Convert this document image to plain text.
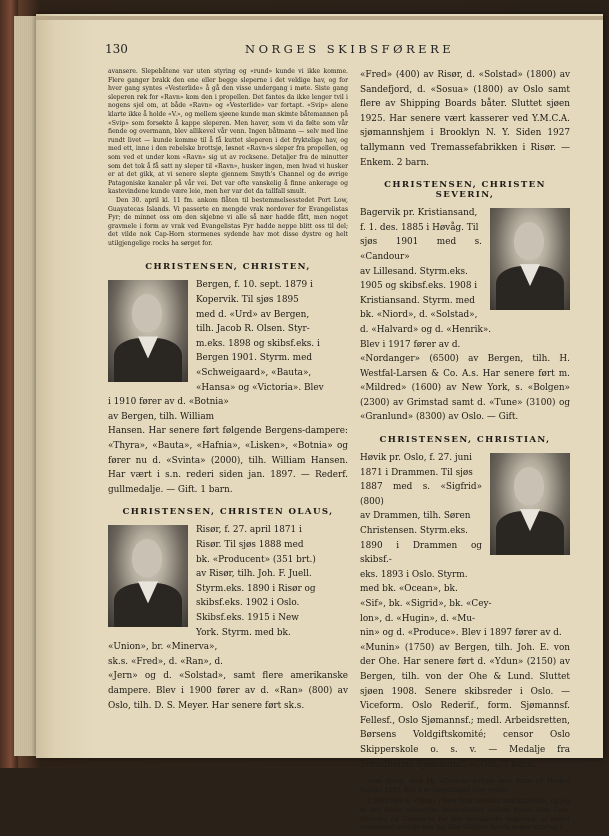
130	NORGES SKIBSFØRERE
avansere. Slepebåtene var uten styring og «rund» kunde vi ikke komme. Flere ganger brakk den ene eller begge sleperne i det veldige hav, og for hver gang syntes «Vesterlide» å gå den visse undergang i møte. Siste gang sleperen røk for «Ravn» kom den i propellen. Det fantes da ikke lenger tvil i nogens sjel om, at både «Ravn» og «Vesterlide» var fortapt. «Svip» alene klarte ikke å holde «V.», og mellem sjøene kunde man skimte båtemannen på «Svip» som forsøkte å kappe sleperen. Men haver, som vi da følte som vår fiende og overmann, blev allikevel vår venn. Ingen båtmann — selv med line rundt livet — kunde komme til å få kuttet sleperen i det fryktelige hav, og med ett, inne i den rebelske brottsjø, løsnet «Ravn»s sleper fra propellen, og som ved et under kom «Ravn» sig ut av rocksene. Detaljer fra de minutter som det tok å få satt ny sleper til «Ravn», husker ingen, men hvad vi husker er at det gikk, at vi senere slepte gjennem Smyth's Channel og de øvrige Patagoniske kanaler på vår vei. Det var ofte vanskelig å finne ankerage og kastevindene kunde være leie, men her var det da tallfall smult.
Den 30. april kl. 11 fm. ankom flåten til bestemmelsesstedet Port Low, Guayatecas Islands. Vi passerte en mengde vrak nordover for Evangelistas Fyr; de minnet oss om den skjebne vi alle så nær hadde fått, men noget gravmele i form av vrak ved Evangelistas Fyr hadde neppe blitt oss til del; det vilde nok Cap-Horn stormenes sydende hav mot disse dystre og helt utilgjengelige rocks ha sørget for.
CHRISTENSEN, CHRISTEN,
Bergen, f. 10. sept. 1879 i
Kopervik. Til sjøs 1895
med d. «Urd» av Bergen,
tilh. Jacob R. Olsen. Styr-
m.eks. 1898 og skibsf.eks. i
Bergen 1901. Styrm. med
«Schweigaard», «Bauta»,
«Hansa» og «Victoria». Blev
i 1910 fører av d. «Botnia»
av Bergen, tilh. William
Hansen. Har senere ført følgende Bergens-dampere: «Thyra», «Bauta», «Hafnia», «Lisken», «Botnia» og fører nu d. «Svinta» (2000), tilh. William Hansen. Har vært i s.n. rederi siden jan. 1897. — Rederf. gullmedalje. — Gift. 1 barn.
CHRISTENSEN, CHRISTEN OLAUS,
Risør, f. 27. april 1871 i
Risør. Til sjøs 1888 med
bk. «Producent» (351 brt.)
av Risør, tilh. Joh. F. Juell.
Styrm.eks. 1890 i Risør og
skibsf.eks. 1902 i Oslo.
Skibsf.eks. 1915 i New
York. Styrm. med bk.
«Union», br. «Minerva»,
sk.s. «Fred», d. «Ran», d.
«Jern» og d. «Solstad», samt flere amerikanske dampere. Blev i 1900 fører av d. «Ran» (800) av Oslo, tilh. D. S. Meyer. Har senere ført sk.s.
«Fred» (400) av Risør, d. «Solstad» (1800) av Sandefjord, d. «Sosua» (1800) av Oslo samt flere av Shipping Boards båter. Sluttet sjøen 1925. Har senere vært kasserer ved Y.M.C.A. sjømannshjem i Brooklyn N. Y. Siden 1927 tallymann ved Tremassefabrikken i Risør. — Enkem. 2 barn.
CHRISTENSEN, CHRISTEN SEVERIN,
Bagervik pr. Kristiansand,
f. 1. des. 1885 i Høvåg. Til
sjøs 1901 med s. «Candour»
av Lillesand. Styrm.eks.
1905 og skibsf.eks. 1908 i
Kristiansand. Styrm. med
bk. «Niord», d. «Solstad»,
d. «Halvard» og d. «Henrik».
Blev i 1917 fører av d.
«Nordanger» (6500) av Bergen, tilh. H. Westfal-Larsen & Co. A.s. Har senere ført m. «Mildred» (1600) av New York, s. «Bolgen» (2300) av Grimstad samt d. «Tune» (3100) og «Granlund» (8300) av Oslo. — Gift.
CHRISTENSEN, CHRISTIAN,
Høvik pr. Oslo, f. 27. juni
1871 i Drammen. Til sjøs
1887 med s. «Sigfrid» (800)
av Drammen, tilh. Søren
Christensen. Styrm.eks.
1890 i Drammen og skibsf.-
eks. 1893 i Oslo. Styrm.
med bk. «Ocean», bk.
«Sif», bk. «Sigrid», bk. «Cey-
lon», d. «Hugin», d. «Mu-
nin» og d. «Produce». Blev i 1897 fører av d.
«Munin» (1750) av Bergen, tilh. Joh. E. von der Ohe. Har senere ført d. «Ydun» (2150) av Bergen, tilh. von der Ohe & Lund. Sluttet sjøen 1908. Senere skibsreder i Oslo. — Viceform. Oslo Rederif., form. Sjømannsf. Fellesf., Oslo Sjømannsf.; medl. Arbeidsretten, Børsens Voldgiftskomité; censor Oslo Skipperskole o. s. v. — Medalje fra Trondheims Sjømannsf. — Gift. 7 barn.

Som styrm. med bk. «Ceylon» forliste med dette på Hasbro Sands i 1893. Kun 4 av besetningen blev reddet.

I 1903 blev d. «Ydun» i New York innredet som kabelskib, og jeg la den første submarine telegrafkabel mellem byene Vera Cruz, Frontera og Campeche for den mexikanske regjering; et meget interessant arbeide som jeg ikke tidligere hadde nogen erfaring i.
